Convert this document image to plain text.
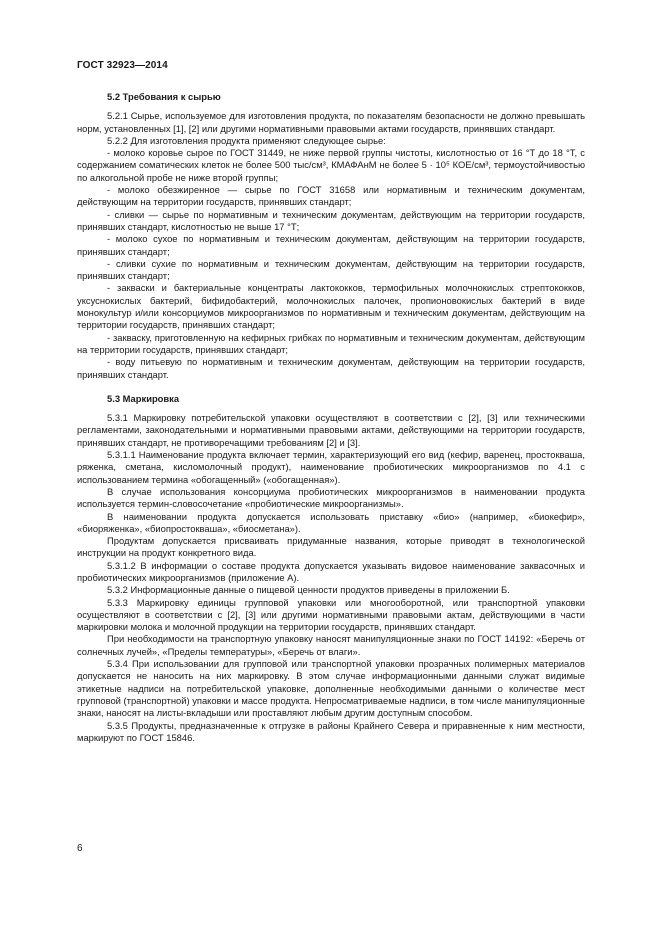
ГОСТ 32923—2014
5.2 Требования к сырью

5.2.1 Сырье, используемое для изготовления продукта, по показателям безопасности не должно превышать норм, установленных [1], [2] или другими нормативными правовыми актами государств, принявших стандарт.

5.2.2 Для изготовления продукта применяют следующее сырье:

- молоко коровье сырое по ГОСТ 31449, не ниже первой группы чистоты, кислотностью от 16 °Т до 18 °Т, с содержанием соматических клеток не более 500 тыс/см³, КМАФАнМ не более 5 · 10⁵ КОЕ/см³, термоустойчивостью по алкогольной пробе не ниже второй группы;

- молоко обезжиренное — сырье по ГОСТ 31658 или нормативным и техническим документам, действующим на территории государств, принявших стандарт;

- сливки — сырье по нормативным и техническим документам, действующим на территории государств, принявших стандарт, кислотностью не выше 17 °Т;

- молоко сухое по нормативным и техническим документам, действующим на территории государств, принявших стандарт;

- сливки сухие по нормативным и техническим документам, действующим на территории государств, принявших стандарт;

- закваски и бактериальные концентраты лактококков, термофильных молочнокислых стрептококков, уксуснокислых бактерий, бифидобактерий, молочнокислых палочек, пропионовокислых бактерий в виде монокультур и/или консорциумов микроорганизмов по нормативным и техническим документам, действующим на территории государств, принявших стандарт;

- закваску, приготовленную на кефирных грибках по нормативным и техническим документам, действующим на территории государств, принявших стандарт;

- воду питьевую по нормативным и техническим документам, действующим на территории государств, принявших стандарт.

5.3 Маркировка

5.3.1 Маркировку потребительской упаковки осуществляют в соответствии с [2], [3] или техническими регламентами, законодательными и нормативными правовыми актами, действующими на территории государств, принявших стандарт, не противоречащими требованиям [2] и [3].

5.3.1.1 Наименование продукта включает термин, характеризующий его вид (кефир, варенец, простокваша, ряженка, сметана, кисломолочный продукт), наименование пробиотических микроорганизмов по 4.1 с использованием термина «обогащенный» («обогащенная»).

В случае использования консорциума пробиотических микроорганизмов в наименовании продукта используется термин-словосочетание «пробиотические микроорганизмы».

В наименовании продукта допускается использовать приставку «био» (например, «биокефир», «биоряженка», «биопростокваша», «биосметана»).

Продуктам допускается присваивать придуманные названия, которые приводят в технологической инструкции на продукт конкретного вида.

5.3.1.2 В информации о составе продукта допускается указывать видовое наименование заквасочных и пробиотических микроорганизмов (приложение А).

5.3.2 Информационные данные о пищевой ценности продуктов приведены в приложении Б.

5.3.3 Маркировку единицы групповой упаковки или многооборотной, или транспортной упаковки осуществляют в соответствии с [2], [3] или другими нормативными правовыми актам, действующими в части маркировки молока и молочной продукции на территории государств, принявших стандарт.

При необходимости на транспортную упаковку наносят манипуляционные знаки по ГОСТ 14192: «Беречь от солнечных лучей», «Пределы температуры», «Беречь от влаги».

5.3.4 При использовании для групповой или транспортной упаковки прозрачных полимерных материалов допускается не наносить на них маркировку. В этом случае информационными данными служат видимые этикетные надписи на потребительской упаковке, дополненные необходимыми данными о количестве мест групповой (транспортной) упаковки и массе продукта. Непросматриваемые надписи, в том числе манипуляционные знаки, наносят на листы-вкладыши или проставляют любым другим доступным способом.

5.3.5 Продукты, предназначенные к отгрузке в районы Крайнего Севера и приравненные к ним местности, маркируют по ГОСТ 15846.

6
